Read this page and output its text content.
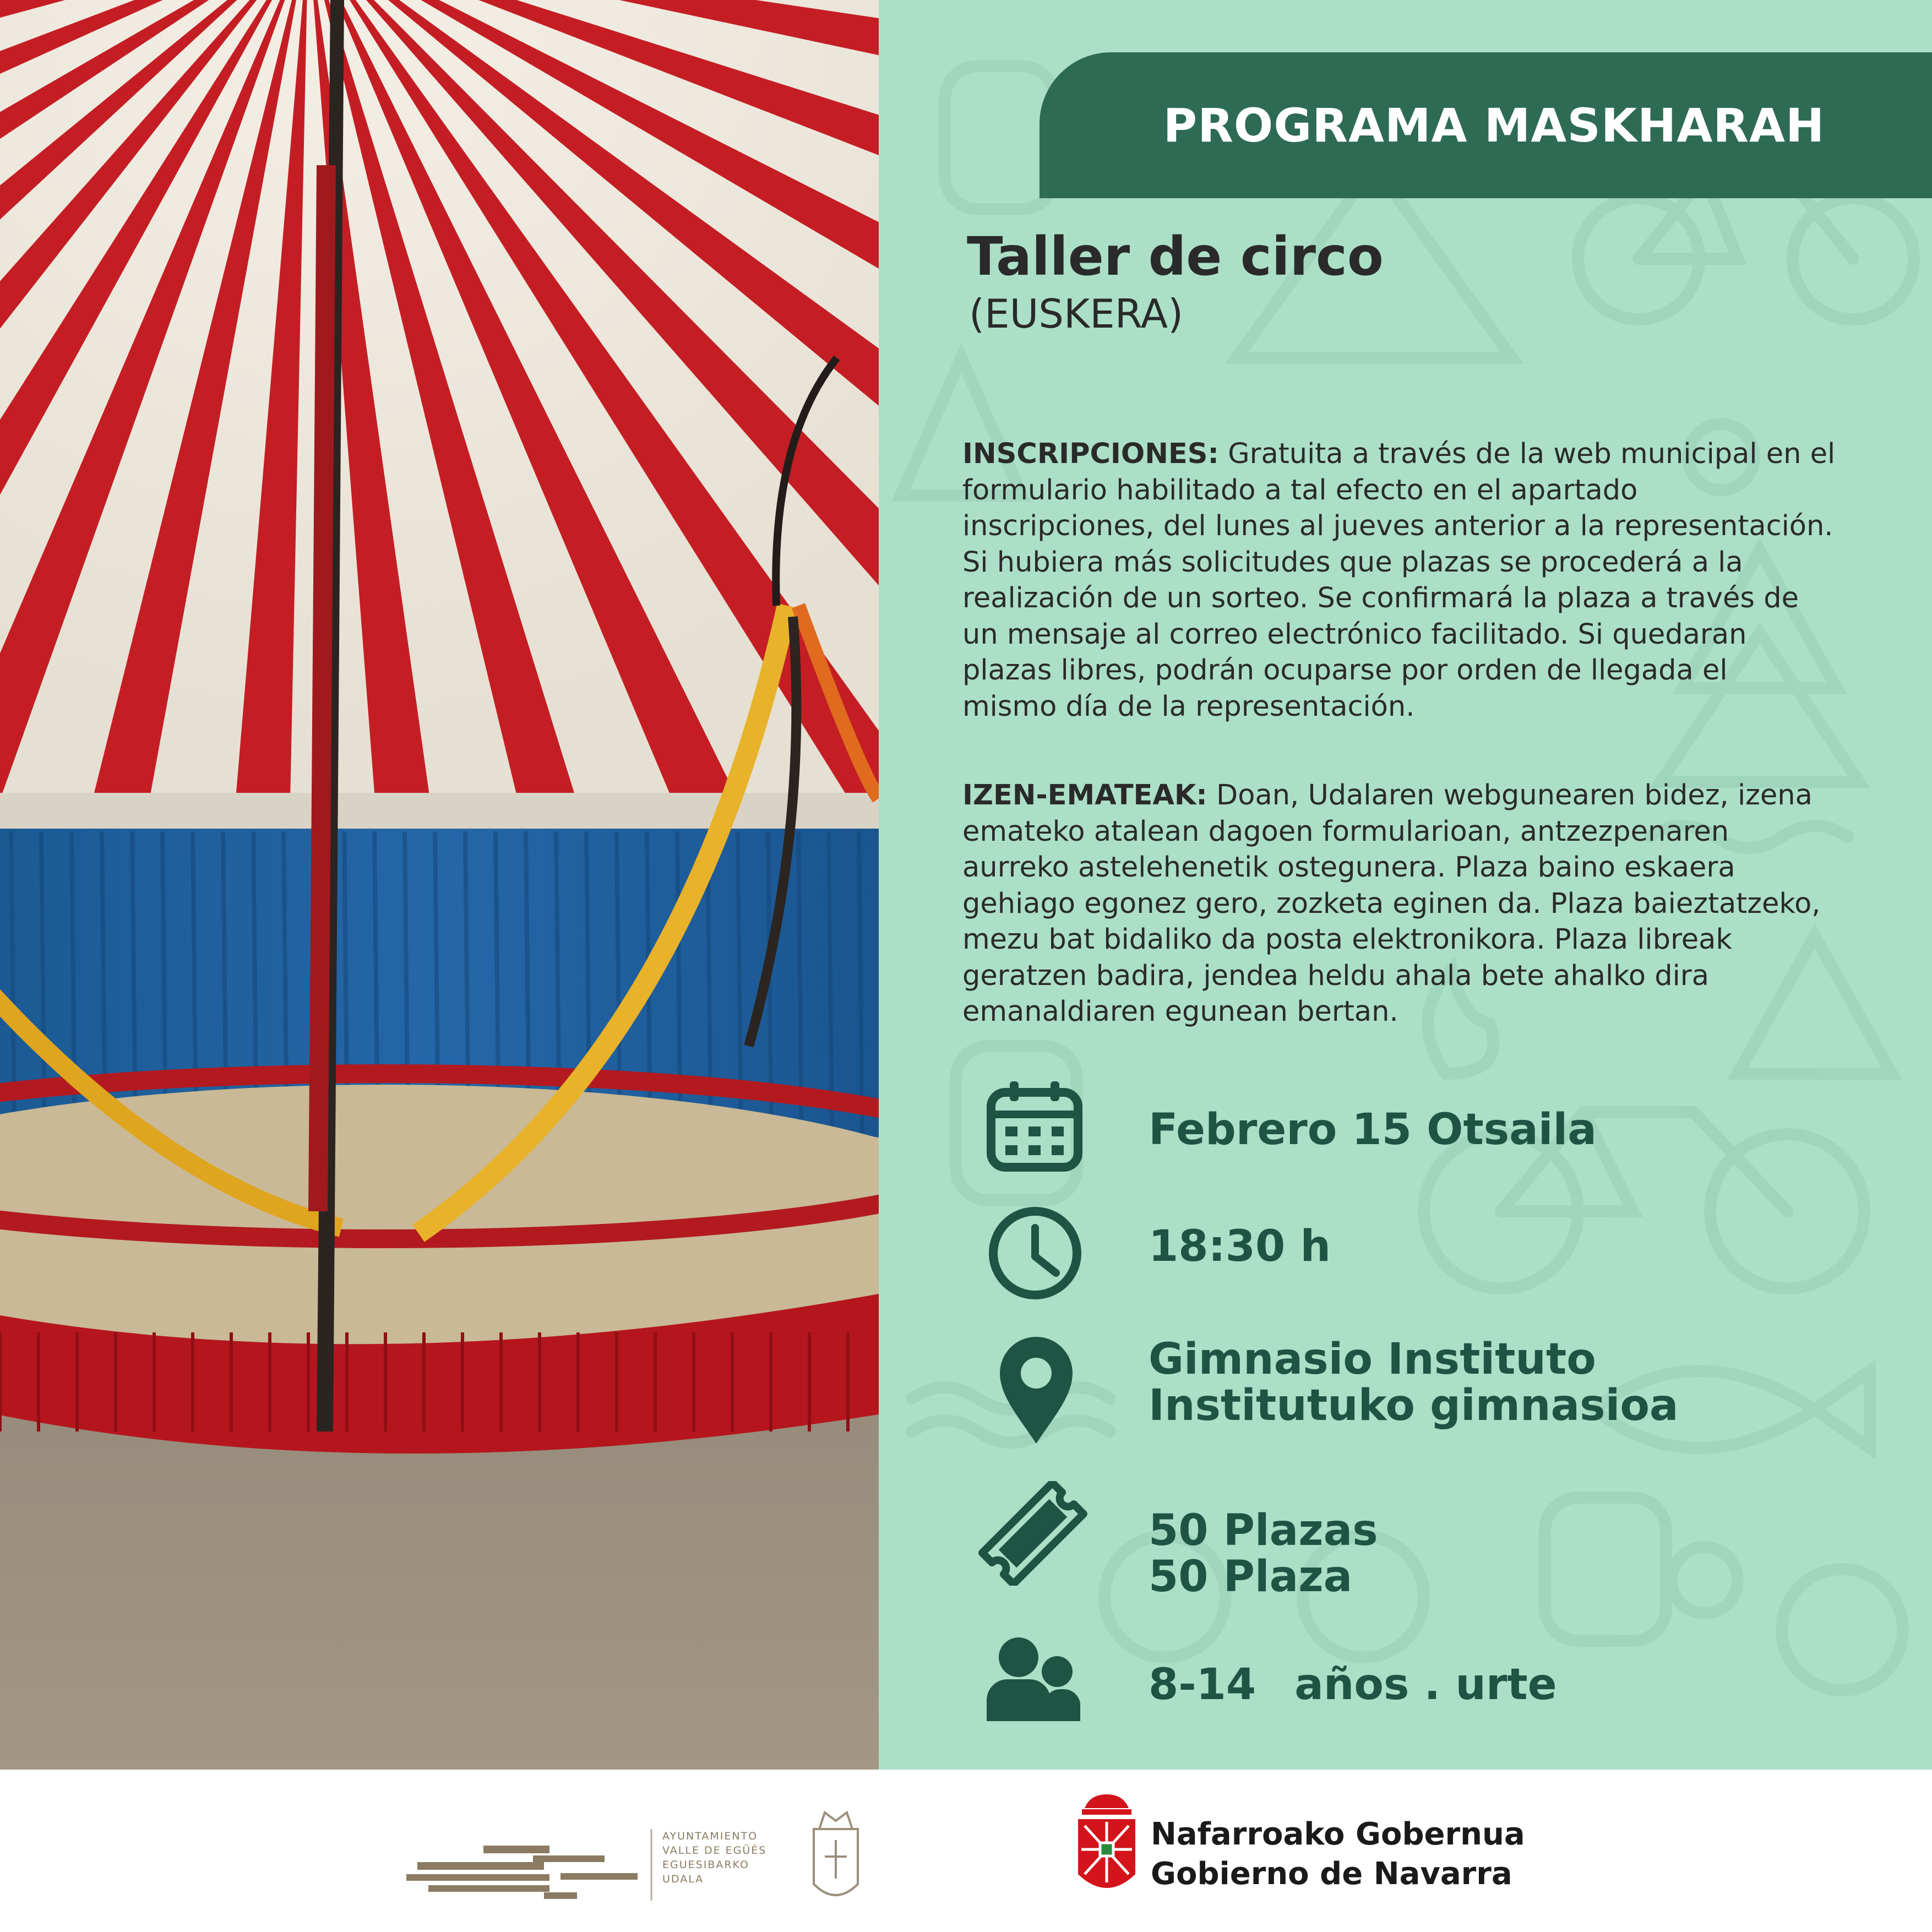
PROGRAMA MASKHARAH
Taller de circo
(EUSKERA)
INSCRIPCIONES: Gratuita a través de la web municipal en el
formulario habilitado a tal efecto en el apartado
inscripciones, del lunes al jueves anterior a la representación.
Si hubiera más solicitudes que plazas se procederá a la
realización de un sorteo. Se confirmará la plaza a través de
un mensaje al correo electrónico facilitado. Si quedaran
plazas libres, podrán ocuparse por orden de llegada el
mismo día de la representación.
IZEN-EMATEAK: Doan, Udalaren webgunearen bidez, izena
emateko atalean dagoen formularioan, antzezpenaren
aurreko astelehenetik ostegunera. Plaza baino eskaera
gehiago egonez gero, zozketa eginen da. Plaza baieztatzeko,
mezu bat bidaliko da posta elektronikora. Plaza libreak
geratzen badira, jendea heldu ahala bete ahalko dira
emanaldiaren egunean bertan.
Febrero 15 Otsaila
18:30 h
Gimnasio Instituto
Institutuko gimnasioa
50 Plazas
50 Plaza
8-14 años . urte
AYUNTAMIENTO
VALLE DE EGÜÉS
EGUESIBARKO
UDALA
Nafarroako Gobernua
Gobierno de Navarra
